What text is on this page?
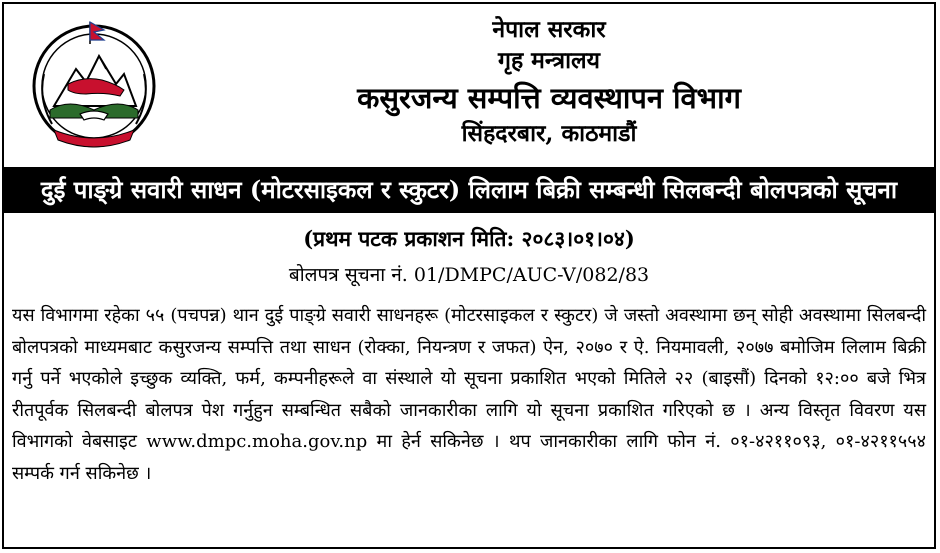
नेपाल सरकार

गृह मन्त्रालय

कसुरजन्य सम्पत्ति व्यवस्थापन विभाग

सिंहदरबार, काठमाडौं

दुई पाङ्ग्रे सवारी साधन (मोटरसाइकल र स्कुटर) लिलाम बिक्री सम्बन्धी सिलबन्दी बोलपत्रको सूचना
(प्रथम पटक प्रकाशन मिति: २०८३।०१।०४)
बोलपत्र सूचना नं. 01/DMPC/AUC-V/082/83
यस विभागमा रहेका ५५ (पचपन्न) थान दुई पाङ्ग्रे सवारी साधनहरू (मोटरसाइकल र स्कुटर) जे जस्तो अवस्थामा छन् सोही अवस्थामा सिलबन्दी बोलपत्रको माध्यमबाट कसुरजन्य सम्पत्ति तथा साधन (रोक्का, नियन्त्रण र जफत) ऐन, २०७० र ऐ. नियमावली, २०७७ बमोजिम लिलाम बिक्री गर्नु पर्ने भएकोले इच्छुक व्यक्ति, फर्म, कम्पनीहरूले वा संस्थाले यो सूचना प्रकाशित भएको मितिले २२ (बाइसौं) दिनको १२:०० बजे भित्र रीतपूर्वक सिलबन्दी बोलपत्र पेश गर्नुहुन सम्बन्धित सबैको जानकारीका लागि यो सूचना प्रकाशित गरिएको छ । अन्य विस्तृत विवरण यस विभागको वेबसाइट www.dmpc.moha.gov.np मा हेर्न सकिनेछ । थप जानकारीका लागि फोन नं. ०१-४२११०९३, ०१-४२११५५४ सम्पर्क गर्न सकिनेछ ।
